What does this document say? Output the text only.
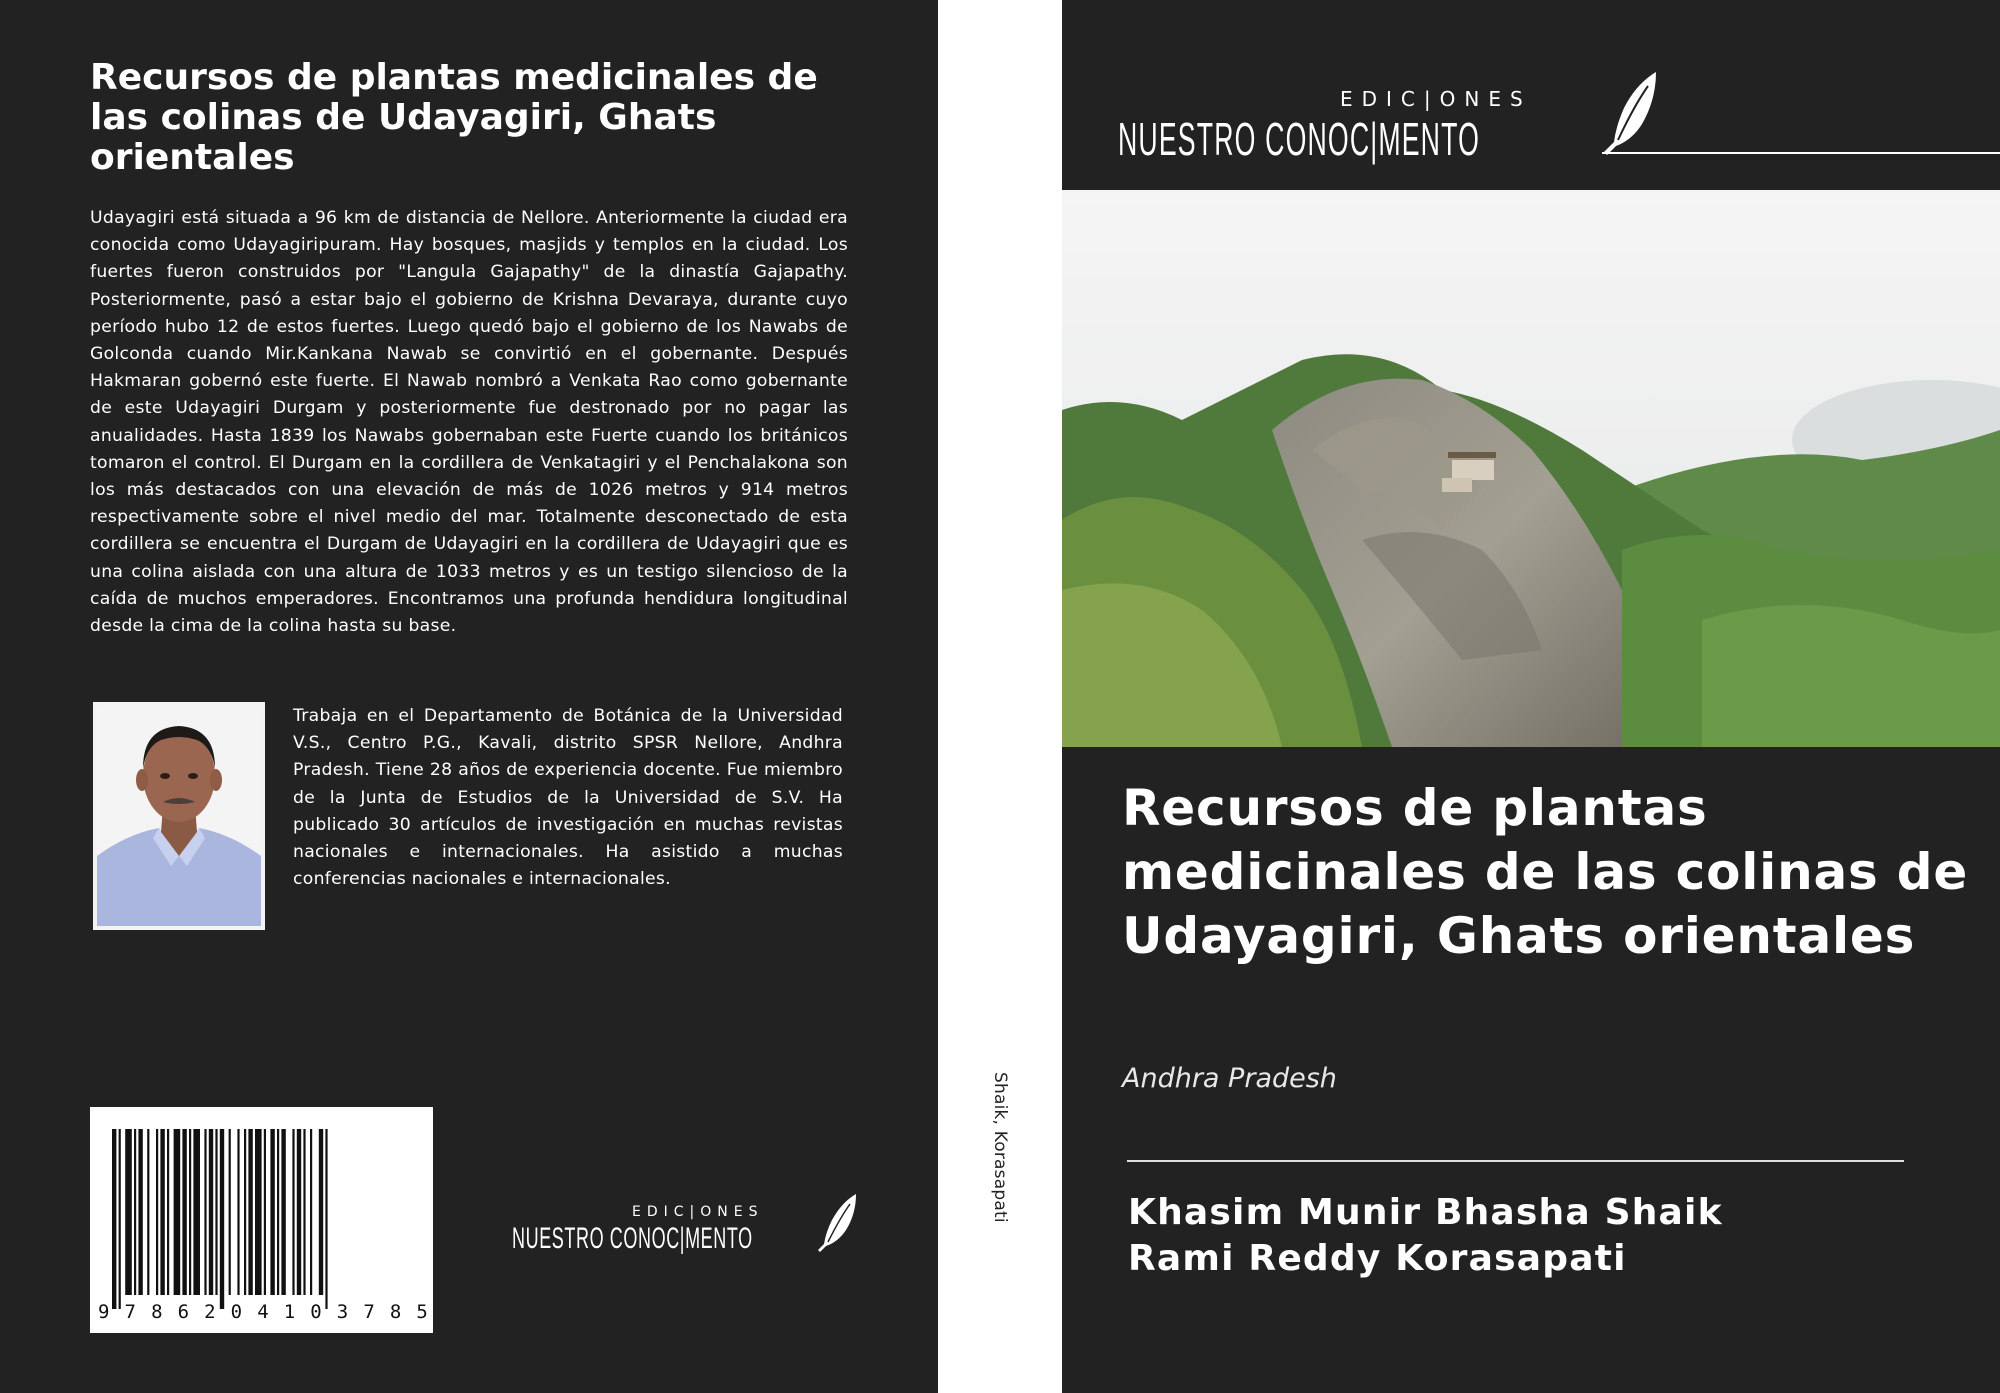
Recursos de plantas medicinales de las colinas de Udayagiri, Ghats orientales

Udayagiri está situada a 96 km de distancia de Nellore. Anteriormente la ciudad era conocida como Udayagiripuram. Hay bosques, masjids y templos en la ciudad. Los fuertes fueron construidos por "Langula Gajapathy" de la dinastía Gajapathy. Posteriormente, pasó a estar bajo el gobierno de Krishna Devaraya, durante cuyo período hubo 12 de estos fuertes. Luego quedó bajo el gobierno de los Nawabs de Golconda cuando Mir.Kankana Nawab se convirtió en el gobernante. Después Hakmaran gobernó este fuerte. El Nawab nombró a Venkata Rao como gobernante de este Udayagiri Durgam y posteriormente fue destronado por no pagar las anualidades. Hasta 1839 los Nawabs gobernaban este Fuerte cuando los británicos tomaron el control. El Durgam en la cordillera de Venkatagiri y el Penchalakona son los más destacados con una elevación de más de 1026 metros y 914 metros respectivamente sobre el nivel medio del mar. Totalmente desconectado de esta cordillera se encuentra el Durgam de Udayagiri en la cordillera de Udayagiri que es una colina aislada con una altura de 1033 metros y es un testigo silencioso de la caída de muchos emperadores. Encontramos una profunda hendidura longitudinal desde la cima de la colina hasta su base.

Trabaja en el Departamento de Botánica de la Universidad V.S., Centro P.G., Kavali, distrito SPSR Nellore, Andhra Pradesh. Tiene 28 años de experiencia docente. Fue miembro de la Junta de Estudios de la Universidad de S.V. Ha publicado 30 artículos de investigación en muchas revistas nacionales e internacionales. Ha asistido a muchas conferencias nacionales e internacionales.

9 7 8 6 2 0 4 1 0 3 7 8 5
EDIC|ONES
NUESTRO CONOC|MENTO
Shaik, Korasapati
EDIC|ONES
NUESTRO CONOC|MENTO
Recursos de plantas medicinales de las colinas de Udayagiri, Ghats orientales

Andhra Pradesh

Khasim Munir Bhasha Shaik
Rami Reddy Korasapati
